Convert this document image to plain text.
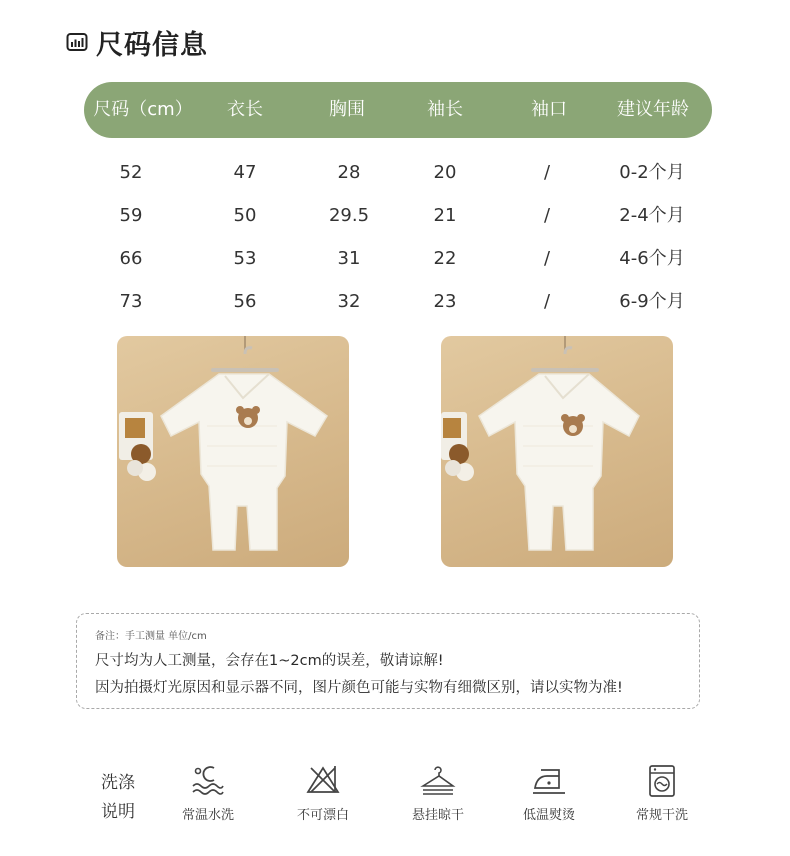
尺码信息
尺码（cm） 衣长	胸围	袖长	袖口	建议年龄
52	47	28	20	/	0-2个月
59	50	29.5	21	/	2-4个月
66	53	31	22	/	4-6个月
73	56	32	23	/	6-9个月
备注：手工测量 单位/cm
尺寸均为人工测量，会存在1~2cm的误差，敬请谅解!
因为拍摄灯光原因和显示器不同，图片颜色可能与实物有细微区别，请以实物为准!
洗涤
说明	常温水洗	不可漂白	悬挂晾干	低温熨烫	常规干洗
